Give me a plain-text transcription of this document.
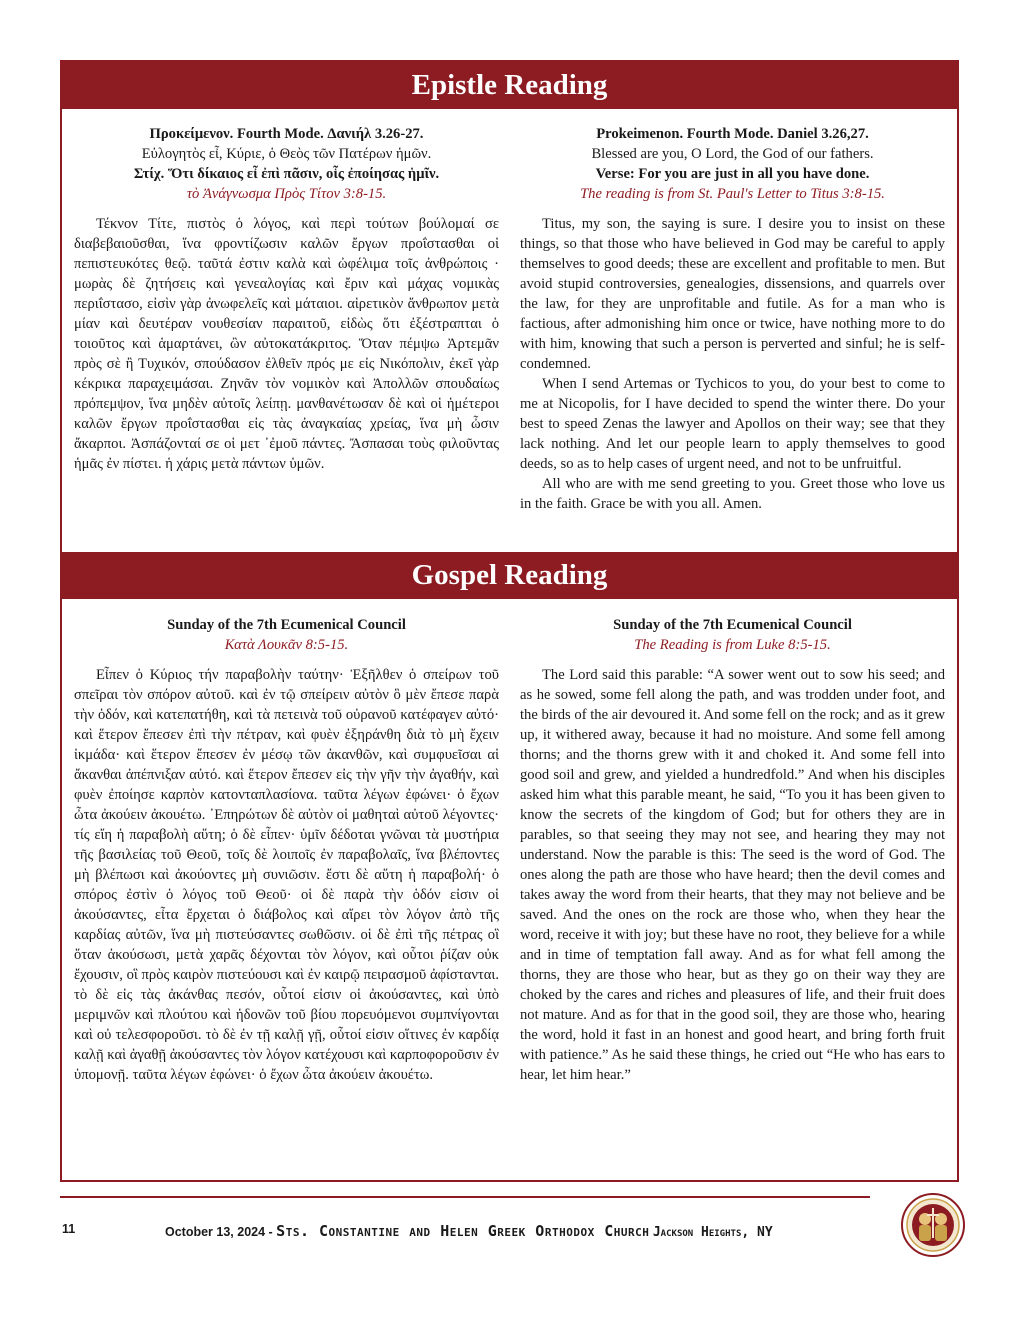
Epistle Reading
Προκείμενον. Fourth Mode. Δανιήλ 3.26-27.
Εὐλογητὸς εἶ, Κύριε, ὁ Θεὸς τῶν Πατέρων ἡμῶν.
Στίχ. Ὅτι δίκαιος εἶ ἐπὶ πᾶσιν, οἷς ἐποίησας ἡμῖν.
τὸ Ἀνάγνωσμα Πρὸς Τίτον 3:8-15.

Τέκνον Τίτε, πιστὸς ὁ λόγος, καὶ περὶ τούτων βούλομαί σε διαβεβαιοῦσθαι, ἵνα φροντίζωσιν καλῶν ἔργων προΐστασθαι οἱ πεπιστευκότες θεῷ. ταῦτά ἐστιν καλὰ καὶ ὠφέλιμα τοῖς ἀνθρώποις · μωρὰς δὲ ζητήσεις καὶ γενεαλογίας καὶ ἔριν καὶ μάχας νομικὰς περιΐστασο, εἰσὶν γὰρ ἀνωφελεῖς καὶ μάταιοι. αἱρετικὸν ἄνθρωπον μετὰ μίαν καὶ δευτέραν νουθεσίαν παραιτοῦ, εἰδὼς ὅτι ἐξέστραπται ὁ τοιοῦτος καὶ ἁμαρτάνει, ὢν αὐτοκατάκριτος. Ὅταν πέμψω Ἀρτεμᾶν πρὸς σὲ ἢ Τυχικόν, σπούδασον ἐλθεῖν πρός με εἰς Νικόπολιν, ἐκεῖ γὰρ κέκρικα παραχειμάσαι. Ζηνᾶν τὸν νομικὸν καὶ Ἀπολλῶν σπουδαίως πρόπεμψον, ἵνα μηδὲν αὐτοῖς λείπῃ. μανθανέτωσαν δὲ καὶ οἱ ἡμέτεροι καλῶν ἔργων προΐστασθαι εἰς τὰς ἀναγκαίας χρείας, ἵνα μὴ ὦσιν ἄκαρποι. Ἀσπάζονταί σε οἱ μετ ᾽ἐμοῦ πάντες. Ἄσπασαι τοὺς φιλοῦντας ἡμᾶς ἐν πίστει. ἡ χάρις μετὰ πάντων ὑμῶν.

Prokeimenon. Fourth Mode. Daniel 3.26,27.
Blessed are you, O Lord, the God of our fathers.
Verse: For you are just in all you have done.
The reading is from St. Paul's Letter to Titus 3:8-15.

Titus, my son, the saying is sure. I desire you to insist on these things, so that those who have believed in God may be careful to apply themselves to good deeds; these are excellent and profitable to men. But avoid stupid controversies, genealogies, dissensions, and quarrels over the law, for they are unprofitable and futile. As for a man who is factious, after admonishing him once or twice, have nothing more to do with him, knowing that such a person is perverted and sinful; he is self-condemned.

When I send Artemas or Tychicos to you, do your best to come to me at Nicopolis, for I have decided to spend the winter there. Do your best to speed Zenas the lawyer and Apollos on their way; see that they lack nothing. And let our people learn to apply themselves to good deeds, so as to help cases of urgent need, and not to be unfruitful.

All who are with me send greeting to you. Greet those who love us in the faith. Grace be with you all. Amen.

Gospel Reading
Sunday of the 7th Ecumenical Council
Κατὰ Λουκᾶν 8:5-15.

Εἶπεν ὁ Κύριος τήν παραβολὴν ταύτην· Ἐξῆλθεν ὁ σπείρων τοῦ σπεῖραι τὸν σπόρον αὐτοῦ. καὶ ἐν τῷ σπείρειν αὐτὸν ὃ μὲν ἔπεσε παρὰ τὴν ὁδόν, καὶ κατεπατήθη, καὶ τὰ πετεινὰ τοῦ οὐρανοῦ κατέφαγεν αὐτό· καὶ ἕτερον ἔπεσεν ἐπὶ τὴν πέτραν, καὶ φυὲν ἐξηράνθη διὰ τὸ μὴ ἔχειν ἰκμάδα· καὶ ἕτερον ἔπεσεν ἐν μέσῳ τῶν ἀκανθῶν, καὶ συμφυεῖσαι αἱ ἄκανθαι ἀπέπνιξαν αὐτό. καὶ ἕτερον ἔπεσεν εἰς τὴν γῆν τὴν ἀγαθήν, καὶ φυὲν ἐποίησε καρπὸν κατονταπλασίονα. ταῦτα λέγων ἐφώνει· ὁ ἔχων ὦτα ἀκούειν ἀκουέτω. ᾽Επηρώτων δὲ αὐτὸν οἱ μαθηταὶ αὐτοῦ λέγοντες· τίς εἴη ἡ παραβολὴ αὕτη; ὁ δὲ εἶπεν· ὑμῖν δέδοται γνῶναι τὰ μυστήρια τῆς βασιλείας τοῦ Θεοῦ, τοῖς δὲ λοιποῖς ἐν παραβολαῖς, ἵνα βλέποντες μὴ βλέπωσι καὶ ἀκούοντες μὴ συνιῶσιν. ἔστι δὲ αὕτη ἡ παραβολή· ὁ σπόρος ἐστὶν ὁ λόγος τοῦ Θεοῦ· οἱ δὲ παρὰ τὴν ὁδόν εἰσιν οἱ ἀκούσαντες, εἶτα ἔρχεται ὁ διάβολος καὶ αἴρει τὸν λόγον ἀπὸ τῆς καρδίας αὐτῶν, ἵνα μὴ πιστεύσαντες σωθῶσιν. οἱ δὲ ἐπὶ τῆς πέτρας οἳ ὅταν ἀκούσωσι, μετὰ χαρᾶς δέχονται τὸν λόγον, καὶ οὗτοι ῥίζαν οὐκ ἔχουσιν, οἳ πρὸς καιρὸν πιστεύουσι καὶ ἐν καιρῷ πειρασμοῦ ἀφίστανται. τὸ δὲ εἰς τὰς ἀκάνθας πεσόν, οὗτοί εἰσιν οἱ ἀκούσαντες, καὶ ὑπὸ μεριμνῶν καὶ πλούτου καὶ ἡδονῶν τοῦ βίου πορευόμενοι συμπνίγονται καὶ οὐ τελεσφοροῦσι. τὸ δὲ ἐν τῇ καλῇ γῇ, οὗτοί εἰσιν οἵτινες ἐν καρδίᾳ καλῇ καὶ ἀγαθῇ ἀκούσαντες τὸν λόγον κατέχουσι καὶ καρποφοροῦσιν ἐν ὑπομονῇ. ταῦτα λέγων ἐφώνει· ὁ ἔχων ὦτα ἀκούειν ἀκουέτω.

Sunday of the 7th Ecumenical Council
The Reading is from Luke 8:5-15.

The Lord said this parable: “A sower went out to sow his seed; and as he sowed, some fell along the path, and was trodden under foot, and the birds of the air devoured it. And some fell on the rock; and as it grew up, it withered away, because it had no moisture. And some fell among thorns; and the thorns grew with it and choked it. And some fell into good soil and grew, and yielded a hundredfold.” And when his disciples asked him what this parable meant, he said, “To you it has been given to know the secrets of the kingdom of God; but for others they are in parables, so that seeing they may not see, and hearing they may not understand. Now the parable is this: The seed is the word of God. The ones along the path are those who have heard; then the devil comes and takes away the word from their hearts, that they may not believe and be saved. And the ones on the rock are those who, when they hear the word, receive it with joy; but these have no root, they believe for a while and in time of temptation fall away. And as for what fell among the thorns, they are those who hear, but as they go on their way they are choked by the cares and riches and pleasures of life, and their fruit does not mature. And as for that in the good soil, they are those who, hearing the word, hold it fast in an honest and good heart, and bring forth fruit with patience.” As he said these things, he cried out “He who has ears to hear, let him hear.”

11	October 13, 2024 - Sts. Constantine and Helen Greek Orthodox Church Jackson Heights, NY
